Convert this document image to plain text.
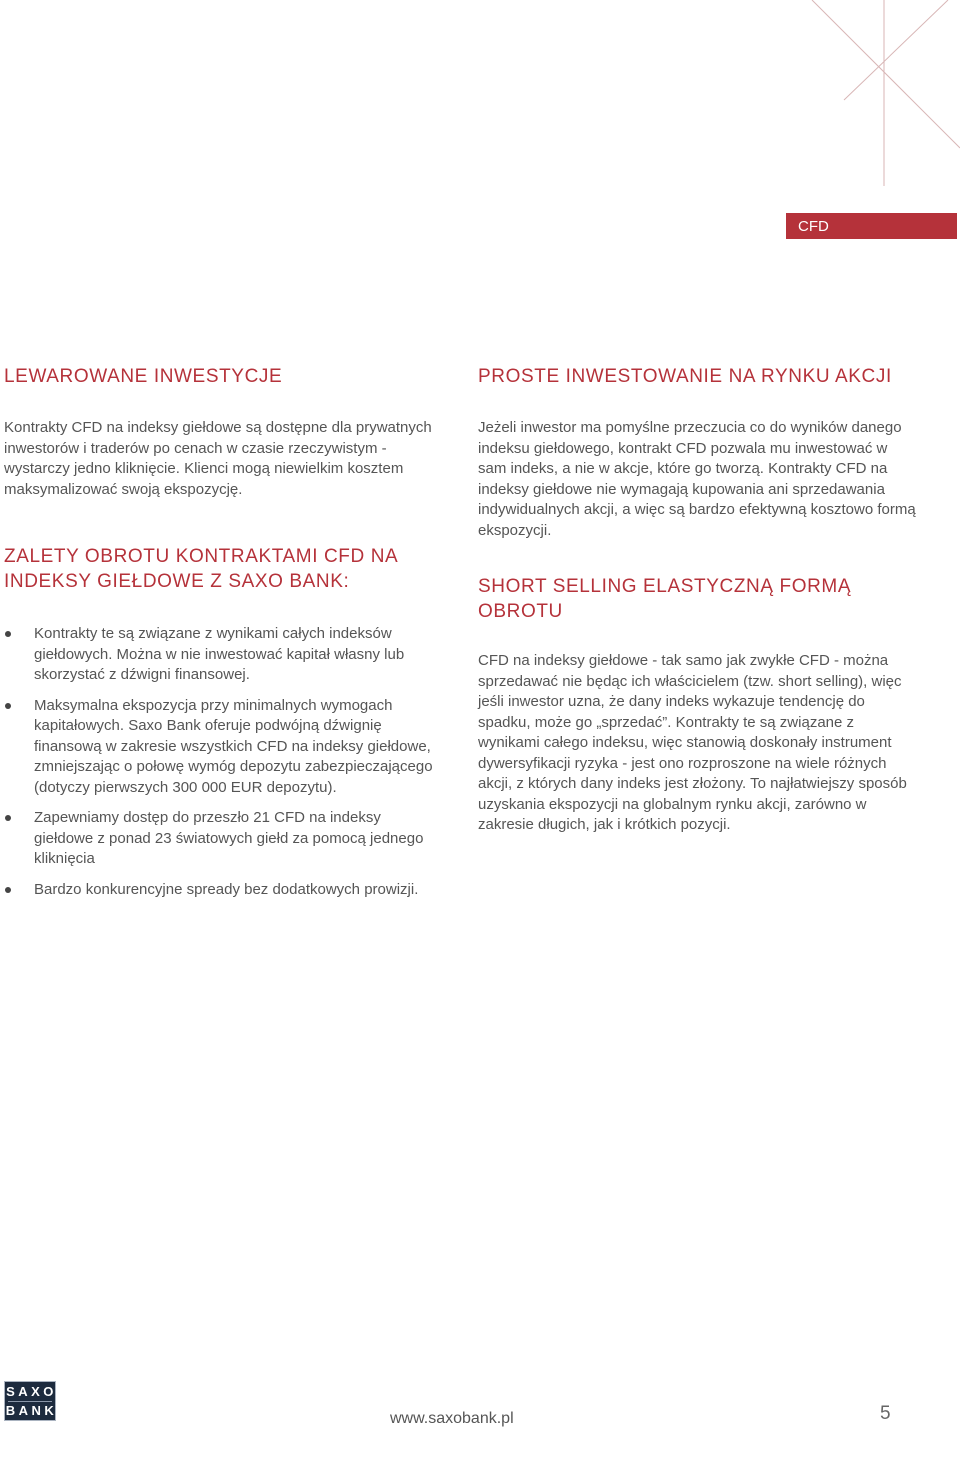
CFD
LEWAROWANE INWESTYCJE

Kontrakty CFD na indeksy giełdowe są dostępne dla prywatnych inwestorów i traderów po cenach w czasie rzeczywistym - wystarczy jedno kliknięcie. Klienci mogą niewielkim kosztem maksymalizować swoją ekspozycję.

ZALETY OBROTU KONTRAKTAMI CFD NA INDEKSY GIEŁDOWE Z SAXO BANK:
Kontrakty te są związane z wynikami całych indeksów giełdowych. Można w nie inwestować kapitał własny lub skorzystać z dźwigni finansowej.
Maksymalna ekspozycja przy minimalnych wymogach kapitałowych. Saxo Bank oferuje podwójną dźwignię finansową w zakresie wszystkich CFD na indeksy giełdowe, zmniejszając o połowę wymóg depozytu zabezpieczającego (dotyczy pierwszych 300 000 EUR depozytu).
Zapewniamy dostęp do przeszło 21 CFD na indeksy giełdowe z ponad 23 światowych giełd za pomocą jednego kliknięcia
Bardzo konkurencyjne spready bez dodatkowych prowizji.
PROSTE INWESTOWANIE NA RYNKU AKCJI

Jeżeli inwestor ma pomyślne przeczucia co do wyników danego indeksu giełdowego, kontrakt CFD pozwala mu inwestować w sam indeks, a nie w akcje, które go tworzą. Kontrakty CFD na indeksy giełdowe nie wymagają kupowania ani sprzedawania indywidualnych akcji, a więc są bardzo efektywną kosztowo formą ekspozycji.

SHORT SELLING ELASTYCZNĄ FORMĄ OBROTU

CFD na indeksy giełdowe - tak samo jak zwykłe CFD - można sprzedawać nie będąc ich właścicielem (tzw. short selling), więc jeśli inwestor uzna, że dany indeks wykazuje tendencję do spadku, może go „sprzedać”. Kontrakty te są związane z wynikami całego indeksu, więc stanowią doskonały instrument dywersyfikacji ryzyka - jest ono rozproszone na wiele różnych akcji, z których dany indeks jest złożony. To najłatwiejszy sposób uzyskania ekspozycji na globalnym rynku akcji, zarówno w zakresie długich, jak i krótkich pozycji.

SAXO
BANK	www.saxobank.pl	5
